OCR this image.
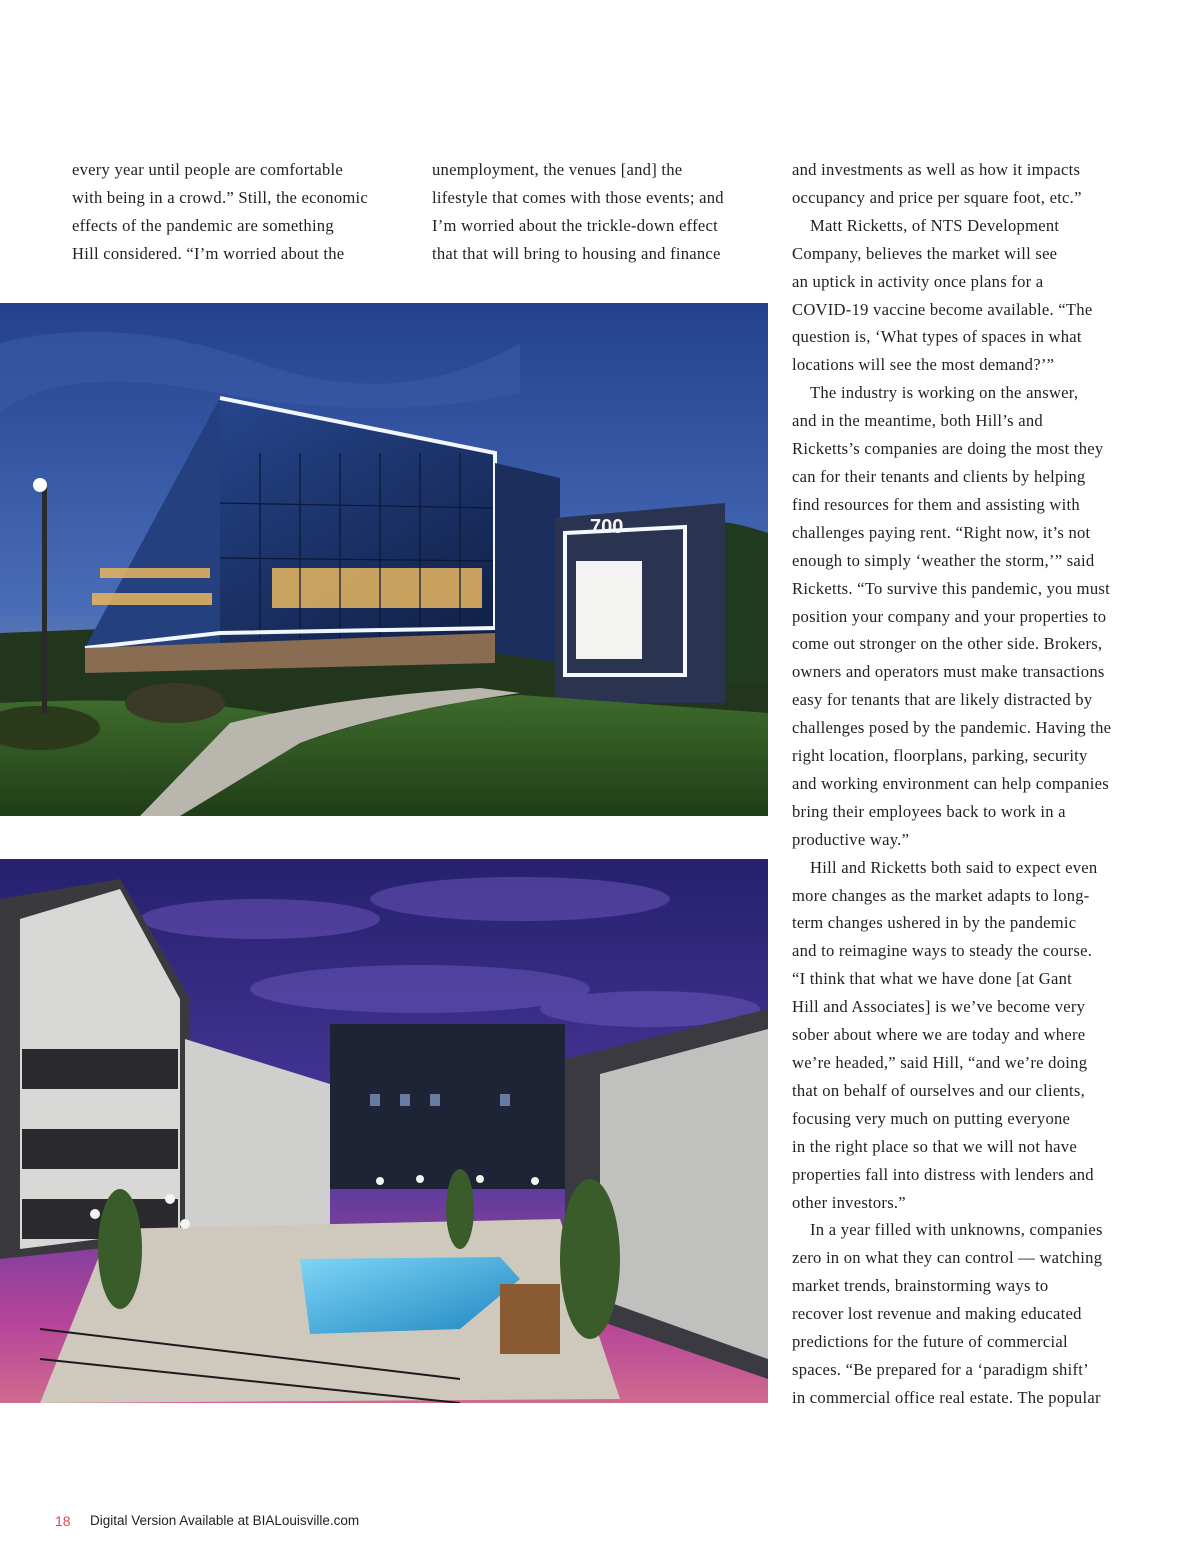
every year until people are comfortable
with being in a crowd.” Still, the economic
effects of the pandemic are something
Hill considered. “I’m worried about the
unemployment, the venues [and] the
lifestyle that comes with those events; and
I’m worried about the trickle-down effect
that that will bring to housing and finance
and investments as well as how it impacts
occupancy and price per square foot, etc.”
Matt Ricketts, of NTS Development
Company, believes the market will see
an uptick in activity once plans for a
COVID-19 vaccine become available. “The
question is, ‘What types of spaces in what
locations will see the most demand?’”
The industry is working on the answer,
and in the meantime, both Hill’s and
Ricketts’s companies are doing the most they
can for their tenants and clients by helping
find resources for them and assisting with
challenges paying rent. “Right now, it’s not
enough to simply ‘weather the storm,’” said
Ricketts. “To survive this pandemic, you must
position your company and your properties to
come out stronger on the other side. Brokers,
owners and operators must make transactions
easy for tenants that are likely distracted by
challenges posed by the pandemic. Having the
right location, floorplans, parking, security
and working environment can help companies
bring their employees back to work in a
productive way.”
Hill and Ricketts both said to expect even
more changes as the market adapts to long-
term changes ushered in by the pandemic
and to reimagine ways to steady the course.
“I think that what we have done [at Gant
Hill and Associates] is we’ve become very
sober about where we are today and where
we’re headed,” said Hill, “and we’re doing
that on behalf of ourselves and our clients,
focusing very much on putting everyone
in the right place so that we will not have
properties fall into distress with lenders and
other investors.”
In a year filled with unknowns, companies
zero in on what they can control — watching
market trends, brainstorming ways to
recover lost revenue and making educated
predictions for the future of commercial
spaces. “Be prepared for a ‘paradigm shift’
in commercial office real estate. The popular
700
18 Digital Version Available at BIALouisville.com
